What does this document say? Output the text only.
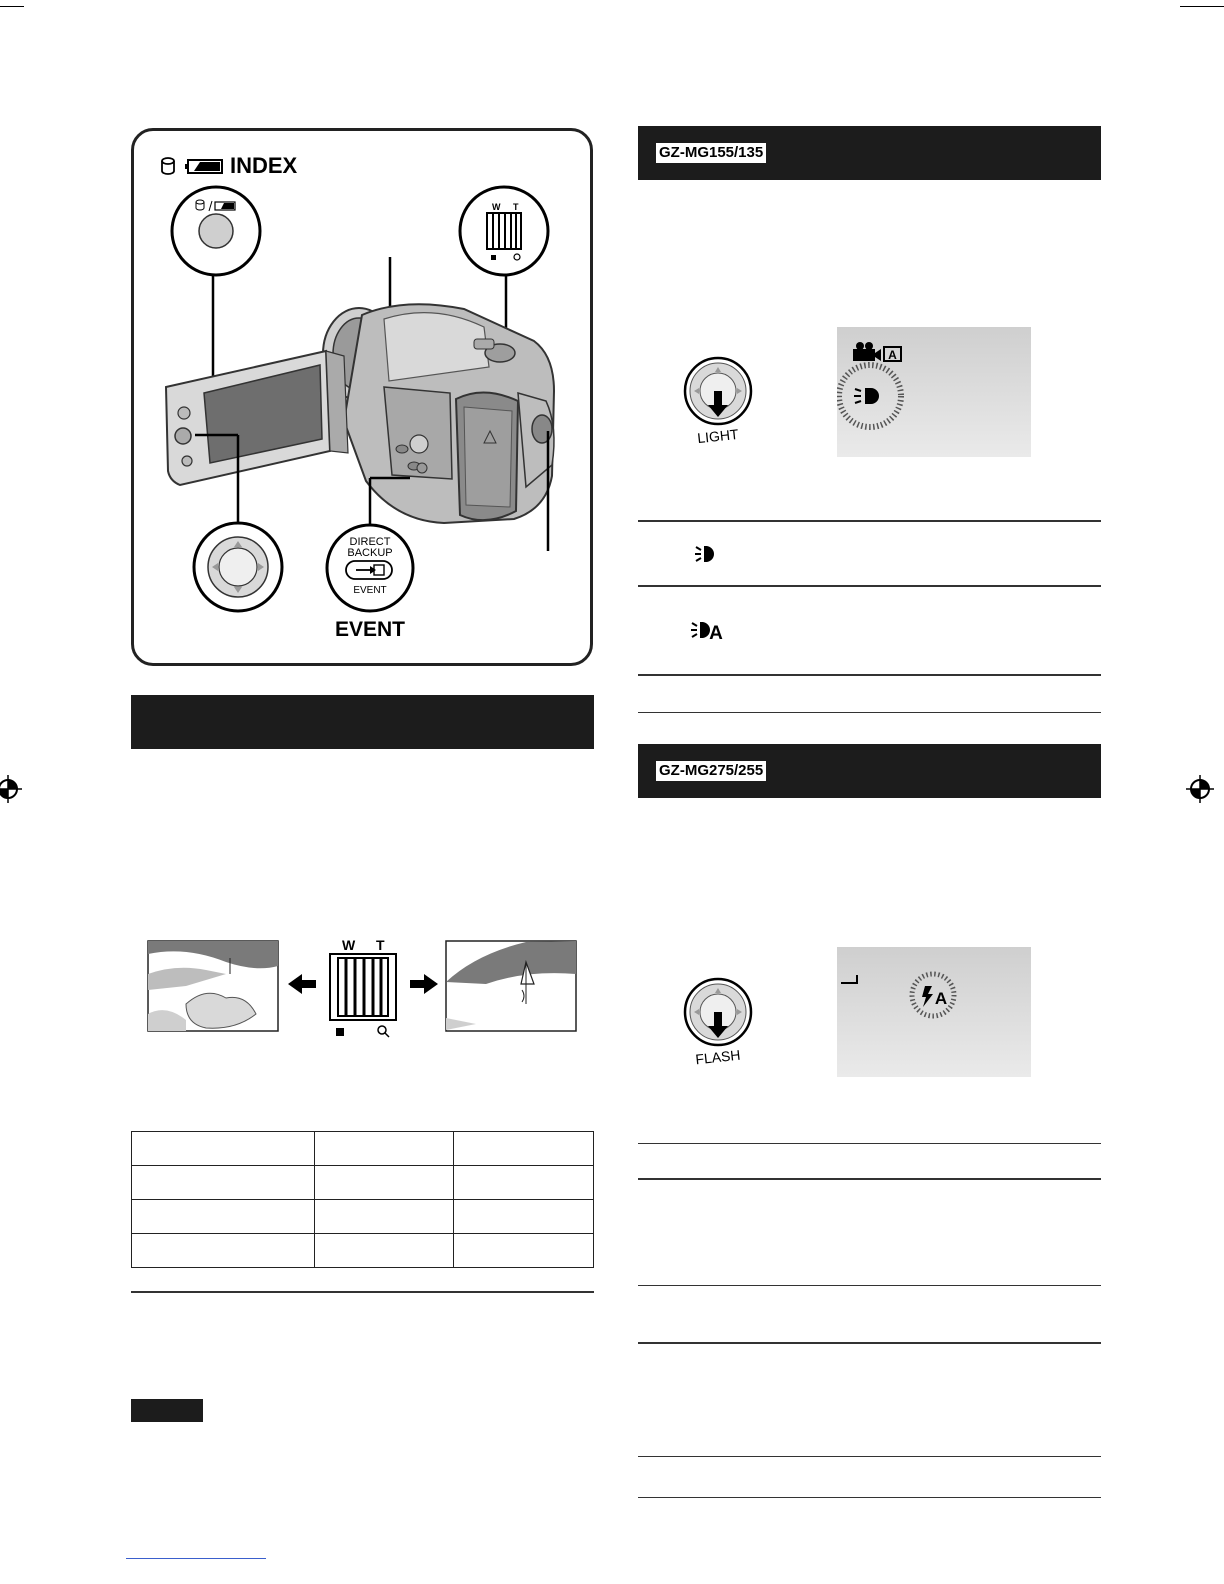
INDEX
W T
DIRECT
BACKUP
EVENT
EVENT
W T

GZ-MG155/135
LIGHT
A
A
GZ-MG275/255
FLASH
A
